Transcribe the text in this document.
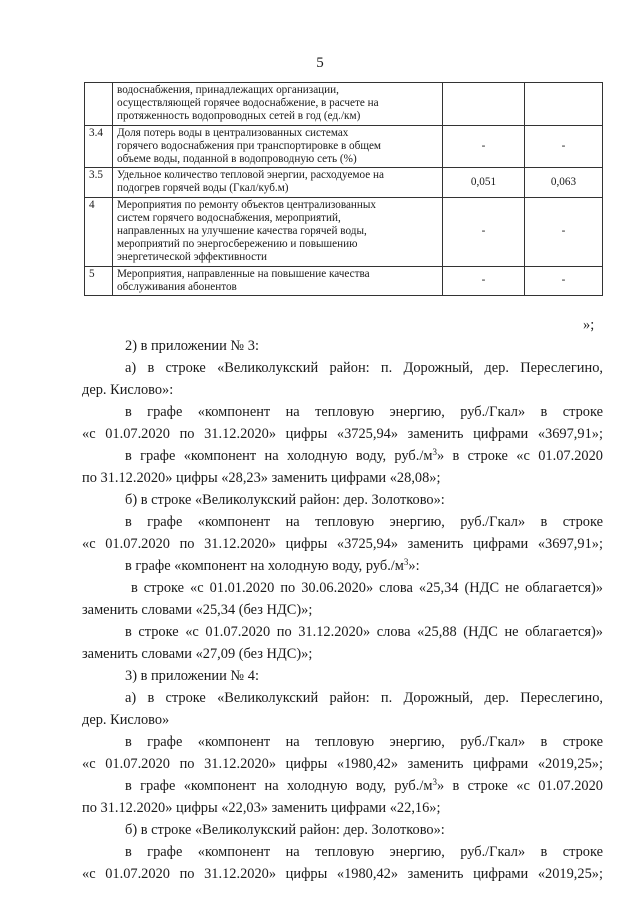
5

	водоснабжения, принадлежащих организации,
осуществляющей горячее водоснабжение, в расчете на
протяженность водопроводных сетей в год (ед./км)		

3.4	Доля потерь воды в централизованных системах
горячего водоснабжения при транспортировке в общем
объеме воды, поданной в водопроводную сеть (%)	-	-
3.5	Удельное количество тепловой энергии, расходуемое на
подогрев горячей воды (Гкал/куб.м)	0,051	0,063
4	Мероприятия по ремонту объектов централизованных
систем горячего водоснабжения, мероприятий,
направленных на улучшение качества горячей воды,
мероприятий по энергосбережению и повышению
энергетической эффективности	-	-
5	Мероприятия, направленные на повышение качества
обслуживания абонентов	-	-
»;
2) в приложении № 3:
а) в строке «Великолукский район: п. Дорожный, дер. Переслегино,
дер. Кислово»:
в графе «компонент на тепловую энергию, руб./Гкал» в строке
«с 01.07.2020 по 31.12.2020» цифры «3725,94» заменить цифрами «3697,91»;
в графе «компонент на холодную воду, $руб./м^3$» в строке «с 01.07.2020
по 31.12.2020» цифры «28,23» заменить цифрами «28,08»;
б) в строке «Великолукский район: дер. Золотково»:
в графе «компонент на тепловую энергию, руб./Гкал» в строке
«с 01.07.2020 по 31.12.2020» цифры «3725,94» заменить цифрами «3697,91»;
в графе «компонент на холодную воду, $руб./м^3$»:
в строке «с 01.01.2020 по 30.06.2020» слова «25,34 (НДС не облагается)»
заменить словами «25,34 (без НДС)»;
в строке «с 01.07.2020 по 31.12.2020» слова «25,88 (НДС не облагается)»
заменить словами «27,09 (без НДС)»;
3) в приложении № 4:
а) в строке «Великолукский район: п. Дорожный, дер. Переслегино,
дер. Кислово»
в графе «компонент на тепловую энергию, руб./Гкал» в строке
«с 01.07.2020 по 31.12.2020» цифры «1980,42» заменить цифрами «2019,25»;
в графе «компонент на холодную воду, $руб./м^3$» в строке «с 01.07.2020
по 31.12.2020» цифры «22,03» заменить цифрами «22,16»;
б) в строке «Великолукский район: дер. Золотково»:
в графе «компонент на тепловую энергию, руб./Гкал» в строке
«с 01.07.2020 по 31.12.2020» цифры «1980,42» заменить цифрами «2019,25»;
